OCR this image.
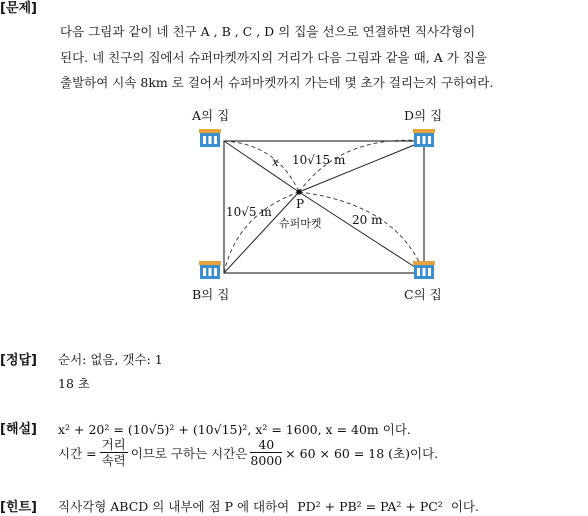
[문제]
다음 그림과 같이 네 친구 A , B , C , D 의 집을 선으로 연결하면 직사각형이
된다. 네 친구의 집에서 슈퍼마켓까지의 거리가 다음 그림과 같을 때, A 가 집을
출발하여 시속 8km 로 걸어서 슈퍼마켓까지 가는데 몇 초가 걸리는지 구하여라.
A의 집	D의 집
B의 집	C의 집
x 10√15 m
10√5 m
20 m
P
슈퍼마켓
[정답] 순서: 없음, 갯수: 1
18 초
[해설] x² + 20² = (10√5)² + (10√15)², x² = 1600, x = 40m 이다.
시간 = $\frac{\text{거리}}{\text{속력}}$ 이므로 구하는 시간은 $\frac{40}{8000} \times 60 \times 60 = 18$ (초)이다.
[힌트] 직사각형 ABCD 의 내부에 점 P 에 대하여 PD² + PB² = PA² + PC² 이다.
